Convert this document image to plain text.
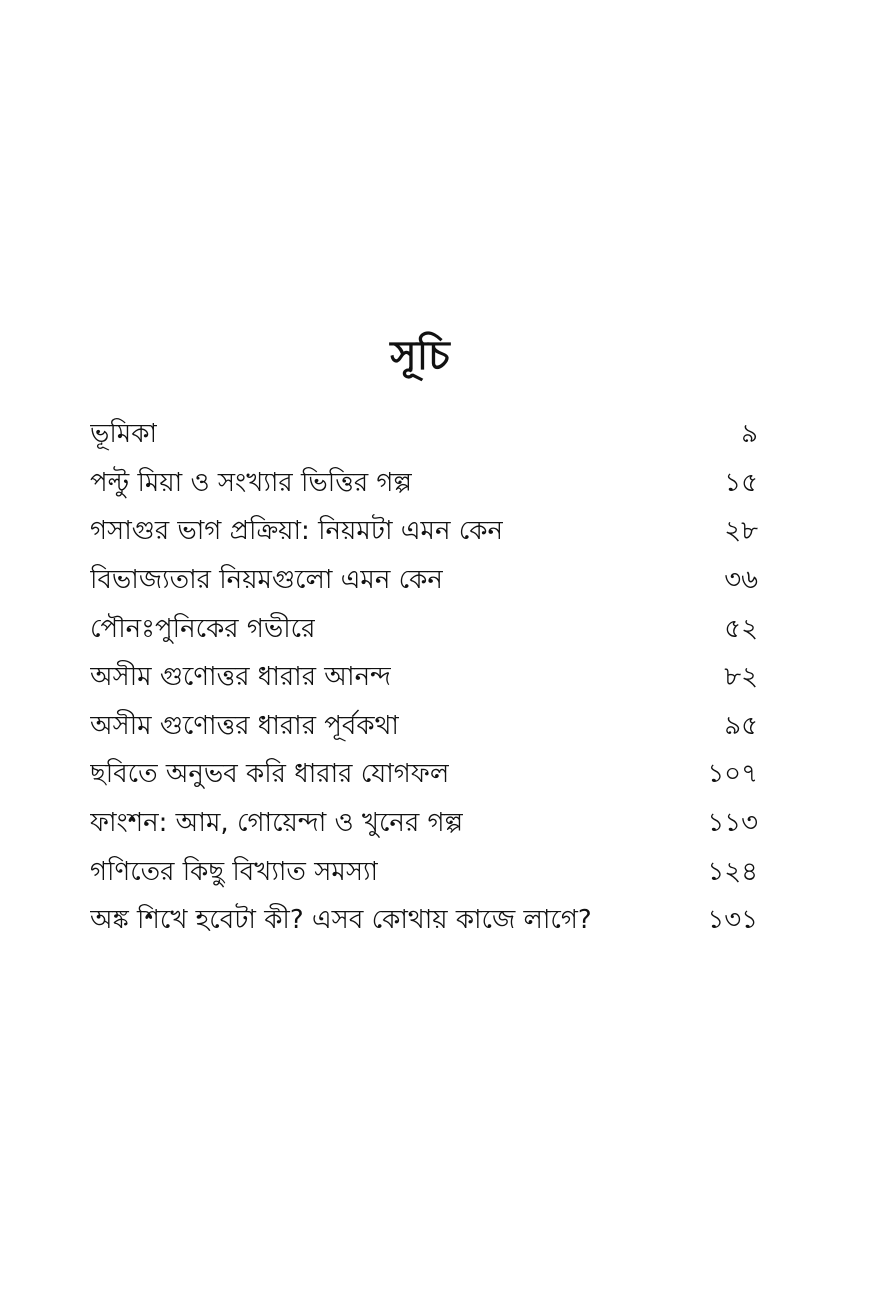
সূচি
ভূমিকা	৯
পল্টু মিয়া ও সংখ্যার ভিত্তির গল্প	১৫
গসাগুর ভাগ প্রক্রিয়া: নিয়মটা এমন কেন	২৮
বিভাজ্যতার নিয়মগুলো এমন কেন	৩৬
পৌনঃপুনিকের গভীরে	৫২
অসীম গুণোত্তর ধারার আনন্দ	৮২
অসীম গুণোত্তর ধারার পূর্বকথা	৯৫
ছবিতে অনুভব করি ধারার যোগফল	১০৭
ফাংশন: আম, গোয়েন্দা ও খুনের গল্প	১১৩
গণিতের কিছু বিখ্যাত সমস্যা	১২৪
অঙ্ক শিখে হবেটা কী? এসব কোথায় কাজে লাগে?	১৩১
